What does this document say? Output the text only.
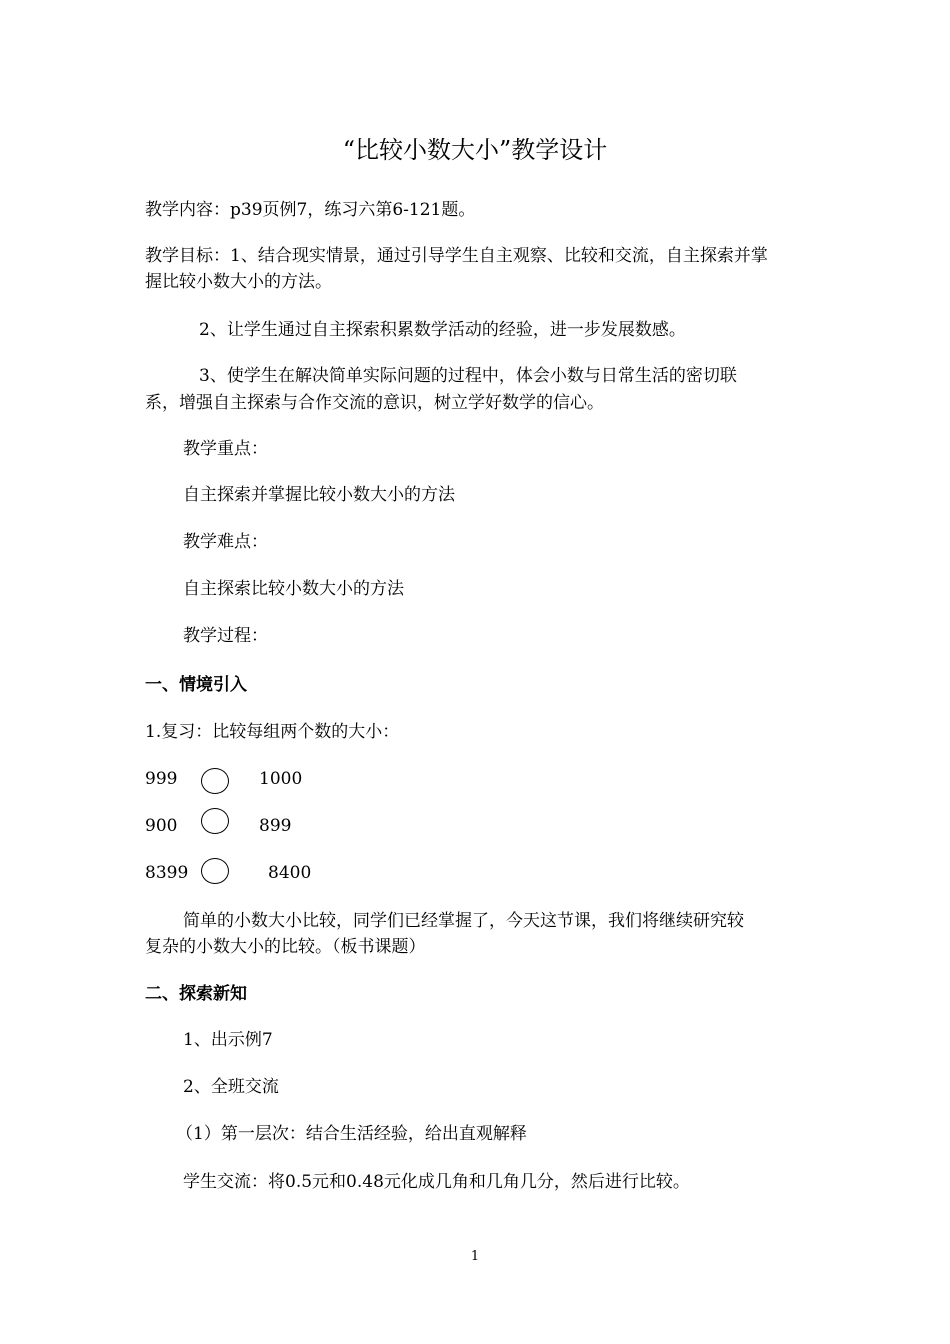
“比较小数大小”教学设计
教学内容：p39页例7，练习六第6-121题。
教学目标：1、结合现实情景，通过引导学生自主观察、比较和交流，自主探索并掌
握比较小数大小的方法。
2、让学生通过自主探索积累数学活动的经验，进一步发展数感。
3、使学生在解决简单实际问题的过程中，体会小数与日常生活的密切联
系，增强自主探索与合作交流的意识，树立学好数学的信心。
教学重点：
自主探索并掌握比较小数大小的方法
教学难点：
自主探索比较小数大小的方法
教学过程：
一、情境引入
1.复习：比较每组两个数的大小：
999	1000
900	899
8399	8400
简单的小数大小比较，同学们已经掌握了，今天这节课，我们将继续研究较
复杂的小数大小的比较。（板书课题）
二、探索新知
1、出示例7
2、全班交流
（1）第一层次：结合生活经验，给出直观解释
学生交流：将0.5元和0.48元化成几角和几角几分，然后进行比较。
1
